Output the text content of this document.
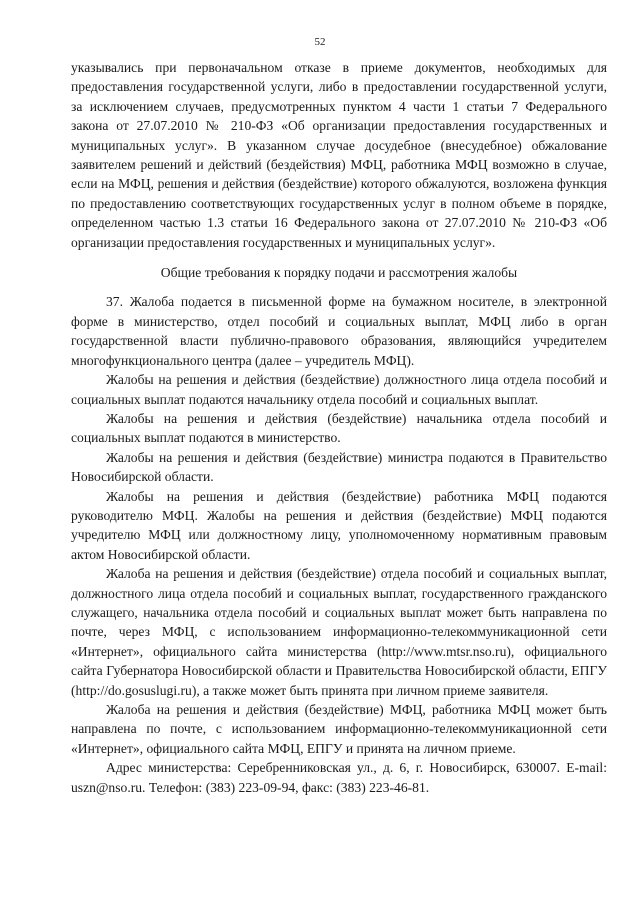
52

указывались при первоначальном отказе в приеме документов, необходимых для предоставления государственной услуги, либо в предоставлении государственной услуги, за исключением случаев, предусмотренных пунктом 4 части 1 статьи 7 Федерального закона от 27.07.2010 № 210-ФЗ «Об организации предоставления государственных и муниципальных услуг». В указанном случае досудебное (внесудебное) обжалование заявителем решений и действий (бездействия) МФЦ, работника МФЦ возможно в случае, если на МФЦ, решения и действия (бездействие) которого обжалуются, возложена функция по предоставлению соответствующих государственных услуг в полном объеме в порядке, определенном частью 1.3 статьи 16 Федерального закона от 27.07.2010 № 210-ФЗ «Об организации предоставления государственных и муниципальных услуг».

Общие требования к порядку подачи и рассмотрения жалобы

37. Жалоба подается в письменной форме на бумажном носителе, в электронной форме в министерство, отдел пособий и социальных выплат, МФЦ либо в орган государственной власти публично-правового образования, являющийся учредителем многофункционального центра (далее – учредитель МФЦ).

Жалобы на решения и действия (бездействие) должностного лица отдела пособий и социальных выплат подаются начальнику отдела пособий и социальных выплат.

Жалобы на решения и действия (бездействие) начальника отдела пособий и социальных выплат подаются в министерство.

Жалобы на решения и действия (бездействие) министра подаются в Правительство Новосибирской области.

Жалобы на решения и действия (бездействие) работника МФЦ подаются руководителю МФЦ. Жалобы на решения и действия (бездействие) МФЦ подаются учредителю МФЦ или должностному лицу, уполномоченному нормативным правовым актом Новосибирской области.

Жалоба на решения и действия (бездействие) отдела пособий и социальных выплат, должностного лица отдела пособий и социальных выплат, государственного гражданского служащего, начальника отдела пособий и социальных выплат может быть направлена по почте, через МФЦ, с использованием информационно-телекоммуникационной сети «Интернет», официального сайта министерства (http://www.mtsr.nso.ru), официального сайта Губернатора Новосибирской области и Правительства Новосибирской области, ЕПГУ (http://do.gosuslugi.ru), а также может быть принята при личном приеме заявителя.

Жалоба на решения и действия (бездействие) МФЦ, работника МФЦ может быть направлена по почте, с использованием информационно-телекоммуникационной сети «Интернет», официального сайта МФЦ, ЕПГУ и принята на личном приеме.

Адрес министерства: Серебренниковская ул., д. 6, г. Новосибирск, 630007. E-mail: uszn@nso.ru. Телефон: (383) 223-09-94, факс: (383) 223-46-81.
